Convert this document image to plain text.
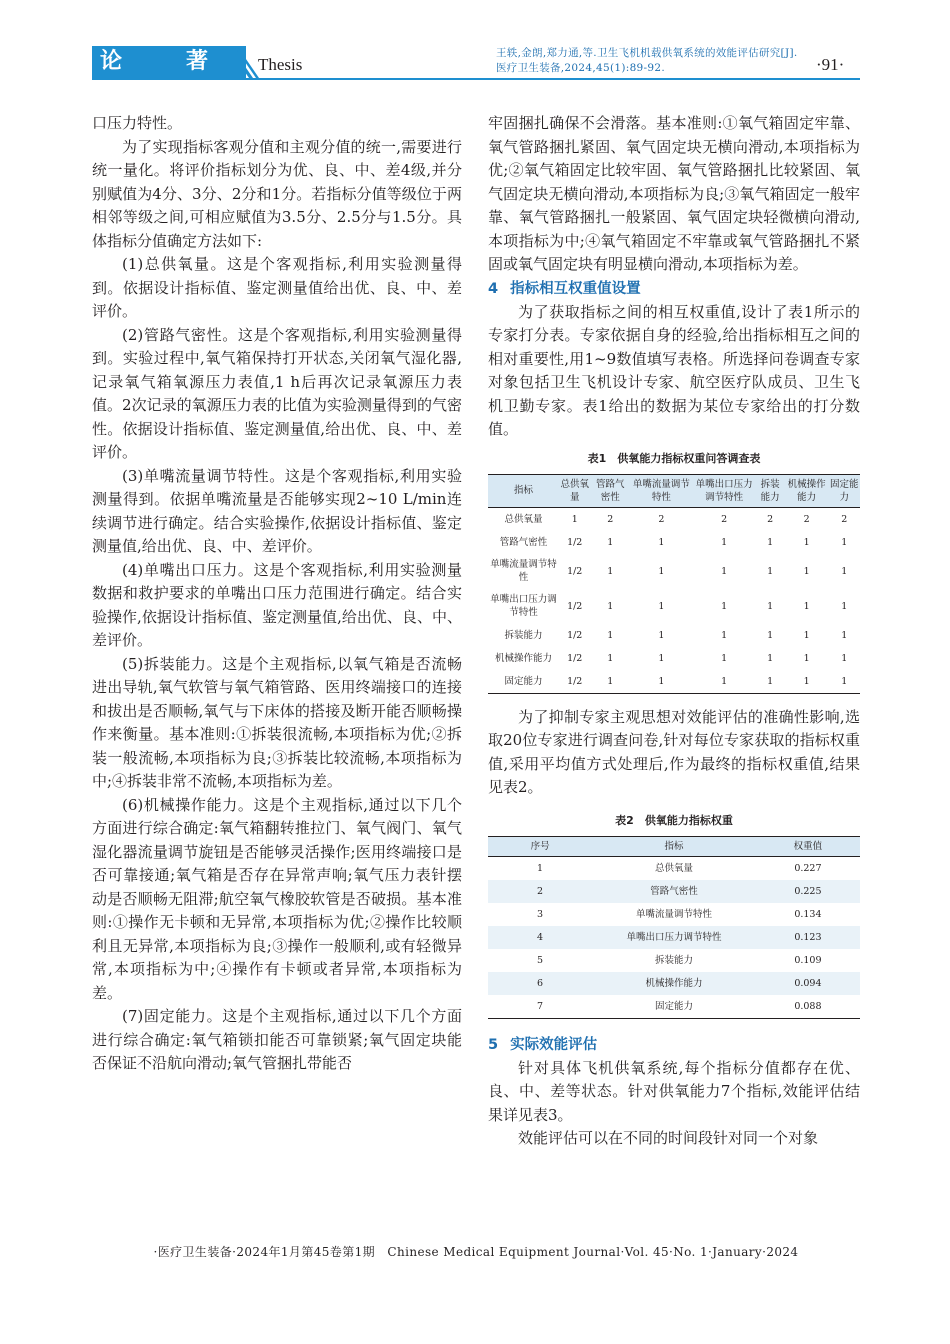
论	著	Thesis
王轶,金朗,郑力通,等.卫生飞机机载供氧系统的效能评估研究[J].
医疗卫生装备,2024,45(1):89-92.	·91·

口压力特性。

为了实现指标客观分值和主观分值的统一,需要进行统一量化。将评价指标划分为优、良、中、差4级,并分别赋值为4分、3分、2分和1分。若指标分值等级位于两相邻等级之间,可相应赋值为3.5分、2.5分与1.5分。具体指标分值确定方法如下:

(1)总供氧量。这是个客观指标,利用实验测量得到。依据设计指标值、鉴定测量值给出优、良、中、差评价。

(2)管路气密性。这是个客观指标,利用实验测量得到。实验过程中,氧气箱保持打开状态,关闭氧气湿化器,记录氧气箱氧源压力表值,1 h后再次记录氧源压力表值。2次记录的氧源压力表的比值为实验测量得到的气密性。依据设计指标值、鉴定测量值,给出优、良、中、差评价。

(3)单嘴流量调节特性。这是个客观指标,利用实验测量得到。依据单嘴流量是否能够实现2~10 L/min连续调节进行确定。结合实验操作,依据设计指标值、鉴定测量值,给出优、良、中、差评价。

(4)单嘴出口压力。这是个客观指标,利用实验测量数据和救护要求的单嘴出口压力范围进行确定。结合实验操作,依据设计指标值、鉴定测量值,给出优、良、中、差评价。

(5)拆装能力。这是个主观指标,以氧气箱是否流畅进出导轨,氧气软管与氧气箱管路、医用终端接口的连接和拔出是否顺畅,氧气与下床体的搭接及断开能否顺畅操作来衡量。基本准则:①拆装很流畅,本项指标为优;②拆装一般流畅,本项指标为良;③拆装比较流畅,本项指标为中;④拆装非常不流畅,本项指标为差。

(6)机械操作能力。这是个主观指标,通过以下几个方面进行综合确定:氧气箱翻转推拉门、氧气阀门、氧气湿化器流量调节旋钮是否能够灵活操作;医用终端接口是否可靠接通;氧气箱是否存在异常声响;氧气压力表针摆动是否顺畅无阻滞;航空氧气橡胶软管是否破损。基本准则:①操作无卡顿和无异常,本项指标为优;②操作比较顺利且无异常,本项指标为良;③操作一般顺利,或有轻微异常,本项指标为中;④操作有卡顿或者异常,本项指标为差。

(7)固定能力。这是个主观指标,通过以下几个方面进行综合确定:氧气箱锁扣能否可靠锁紧;氧气固定块能否保证不沿航向滑动;氧气管捆扎带能否

牢固捆扎确保不会滑落。基本准则:①氧气箱固定牢靠、氧气管路捆扎紧固、氧气固定块无横向滑动,本项指标为优;②氧气箱固定比较牢固、氧气管路捆扎比较紧固、氧气固定块无横向滑动,本项指标为良;③氧气箱固定一般牢靠、氧气管路捆扎一般紧固、氧气固定块轻微横向滑动,本项指标为中;④氧气箱固定不牢靠或氧气管路捆扎不紧固或氧气固定块有明显横向滑动,本项指标为差。

4 指标相互权重值设置

为了获取指标之间的相互权重值,设计了表1所示的专家打分表。专家依据自身的经验,给出指标相互之间的相对重要性,用1~9数值填写表格。所选择问卷调查专家对象包括卫生飞机设计专家、航空医疗队成员、卫生飞机卫勤专家。表1给出的数据为某位专家给出的打分数值。

表1　供氧能力指标权重问答调查表
指标	总供氧量	管路气密性	单嘴流量调节特性	单嘴出口压力调节特性	拆装能力	机械操作能力	固定能力
总供氧量	1	2	2	2	2	2	2
管路气密性	1/2	1	1	1	1	1	1
单嘴流量调节特性	1/2	1	1	1	1	1	1
单嘴出口压力调节特性	1/2	1	1	1	1	1	1
拆装能力	1/2	1	1	1	1	1	1
机械操作能力	1/2	1	1	1	1	1	1
固定能力	1/2	1	1	1	1	1	1

为了抑制专家主观思想对效能评估的准确性影响,选取20位专家进行调查问卷,针对每位专家获取的指标权重值,采用平均值方式处理后,作为最终的指标权重值,结果见表2。

表2　供氧能力指标权重
序号	指标	权重值
1	总供氧量	0.227
2	管路气密性	0.225
3	单嘴流量调节特性	0.134
4	单嘴出口压力调节特性	0.123
5	拆装能力	0.109
6	机械操作能力	0.094
7	固定能力	0.088
5 实际效能评估

针对具体飞机供氧系统,每个指标分值都存在优、良、中、差等状态。针对供氧能力7个指标,效能评估结果详见表3。

效能评估可以在不同的时间段针对同一个对象

·医疗卫生装备·2024年1月第45卷第1期　Chinese Medical Equipment Journal·Vol. 45·No. 1·January·2024
